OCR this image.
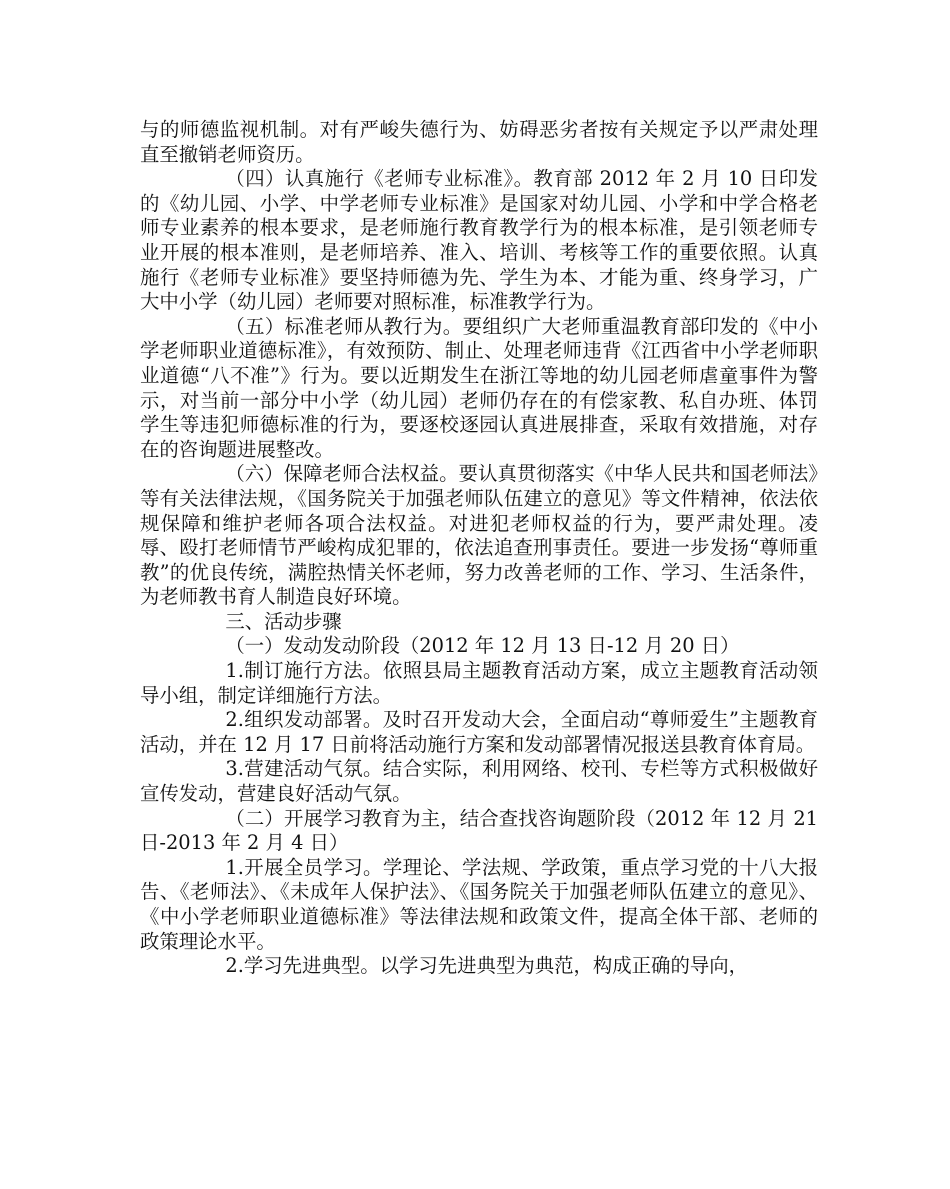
与的师德监视机制。对有严峻失德行为、妨碍恶劣者按有关规定予以严肃处理直至撤销老师资历。

（四）认真施行《老师专业标准》。教育部 2012 年 2 月 10 日印发的《幼儿园、小学、中学老师专业标准》是国家对幼儿园、小学和中学合格老师专业素养的根本要求，是老师施行教育教学行为的根本标准，是引领老师专业开展的根本准则，是老师培养、准入、培训、考核等工作的重要依照。认真施行《老师专业标准》要坚持师德为先、学生为本、才能为重、终身学习，广大中小学（幼儿园）老师要对照标准，标准教学行为。

（五）标准老师从教行为。要组织广大老师重温教育部印发的《中小学老师职业道德标准》，有效预防、制止、处理老师违背《江西省中小学老师职业道德“八不准”》行为。要以近期发生在浙江等地的幼儿园老师虐童事件为警示，对当前一部分中小学（幼儿园）老师仍存在的有偿家教、私自办班、体罚学生等违犯师德标准的行为，要逐校逐园认真进展排查，采取有效措施，对存在的咨询题进展整改。

（六）保障老师合法权益。要认真贯彻落实《中华人民共和国老师法》等有关法律法规，《国务院关于加强老师队伍建立的意见》等文件精神，依法依规保障和维护老师各项合法权益。对进犯老师权益的行为，要严肃处理。凌辱、殴打老师情节严峻构成犯罪的，依法追查刑事责任。要进一步发扬“尊师重教”的优良传统，满腔热情关怀老师，努力改善老师的工作、学习、生活条件，为老师教书育人制造良好环境。

三、活动步骤

（一）发动发动阶段（2012 年 12 月 13 日-12 月 20 日）

1.制订施行方法。依照县局主题教育活动方案，成立主题教育活动领导小组，制定详细施行方法。

2.组织发动部署。及时召开发动大会，全面启动“尊师爱生”主题教育活动，并在 12 月 17 日前将活动施行方案和发动部署情况报送县教育体育局。

3.营建活动气氛。结合实际，利用网络、校刊、专栏等方式积极做好宣传发动，营建良好活动气氛。

（二）开展学习教育为主，结合查找咨询题阶段（2012 年 12 月 21 日-2013 年 2 月 4 日）

1.开展全员学习。学理论、学法规、学政策，重点学习党的十八大报告、《老师法》、《未成年人保护法》、《国务院关于加强老师队伍建立的意见》、《中小学老师职业道德标准》等法律法规和政策文件，提高全体干部、老师的政策理论水平。

2.学习先进典型。以学习先进典型为典范，构成正确的导向，
